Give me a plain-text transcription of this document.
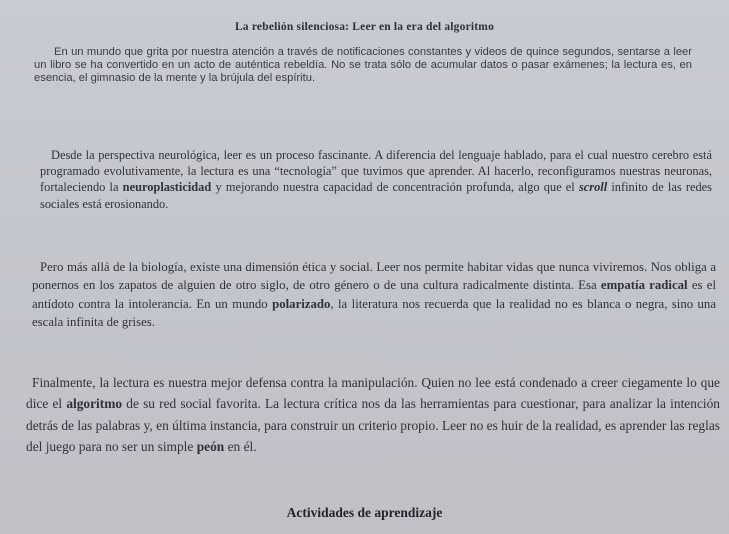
La rebelión silenciosa: Leer en la era del algoritmo

En un mundo que grita por nuestra atención a través de notificaciones constantes y videos de quince segundos, sentarse a leer un libro se ha convertido en un acto de auténtica rebeldía. No se trata sólo de acumular datos o pasar exámenes; la lectura es, en esencia, el gimnasio de la mente y la brújula del espíritu.

Desde la perspectiva neurológica, leer es un proceso fascinante. A diferencia del lenguaje hablado, para el cual nuestro cerebro está programado evolutivamente, la lectura es una “tecnología” que tuvimos que aprender. Al hacerlo, reconfiguramos nuestras neuronas, fortaleciendo la neuroplasticidad y mejorando nuestra capacidad de concentración profunda, algo que el scroll infinito de las redes sociales está erosionando.

Pero más allá de la biología, existe una dimensión ética y social. Leer nos permite habitar vidas que nunca viviremos. Nos obliga a ponernos en los zapatos de alguien de otro siglo, de otro género o de una cultura radicalmente distinta. Esa empatía radical es el antídoto contra la intolerancia. En un mundo polarizado, la literatura nos recuerda que la realidad no es blanca o negra, sino una escala infinita de grises.

Finalmente, la lectura es nuestra mejor defensa contra la manipulación. Quien no lee está condenado a creer ciegamente lo que dice el algoritmo de su red social favorita. La lectura crítica nos da las herramientas para cuestionar, para analizar la intención detrás de las palabras y, en última instancia, para construir un criterio propio. Leer no es huir de la realidad, es aprender las reglas del juego para no ser un simple peón en él.

Actividades de aprendizaje
